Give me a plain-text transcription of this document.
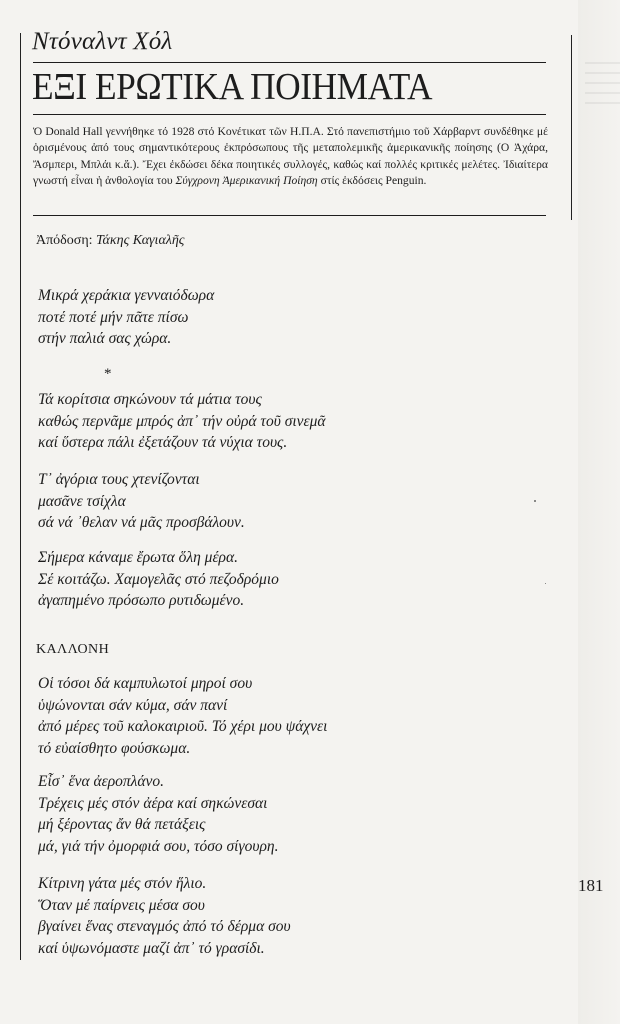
Ντόναλντ Χόλ
ΕΞΙ ΕΡΩΤΙΚΑ ΠΟΙΗΜΑΤΑ
Ὁ Donald Hall γεννήθηκε τό 1928 στό Κονέτικατ τῶν Η.Π.Α. Στό πανεπιστήμιο τοῦ Χάρβαρντ συνδέθηκε μέ ὁρισμένους ἀπό τους σημαντικότερους ἐκπρόσωπους τῆς μεταπολεμικῆς ἀμερικανικῆς ποίησης (Ο Ἀχάρα, Ἄσμπερι, Μπλάι κ.ἄ.). Ἔχει ἐκδώσει δέκα ποιητικές συλλογές, καθώς καί πολλές κριτικές μελέτες. Ἰδιαίτερα γνωστή εἶναι ἡ ἀνθολογία του Σύγχρονη Ἀμερικανική Ποίηση στίς ἐκδόσεις Penguin.
Ἀπόδοση: Τάκης Καγιαλῆς
Μικρά χεράκια γενναιόδωρα
ποτέ ποτέ μήν πᾶτε πίσω
στήν παλιά σας χώρα.
*
Τά κορίτσια σηκώνουν τά μάτια τους
καθώς περνᾶμε μπρός ἀπ᾽ τήν οὐρά τοῦ σινεμᾶ
καί ὕστερα πάλι ἐξετάζουν τά νύχια τους.
Τ᾽ ἀγόρια τους χτενίζονται
μασᾶνε τσίχλα
σά νά ᾽θελαν νά μᾶς προσβάλουν.
Σήμερα κάναμε ἔρωτα ὅλη μέρα.
Σέ κοιτάζω. Χαμογελᾶς στό πεζοδρόμιο
ἀγαπημένο πρόσωπο ρυτιδωμένο.
ΚΑΛΛΟΝΗ
Οἱ τόσοι δά καμπυλωτοί μηροί σου
ὑψώνονται σάν κύμα, σάν πανί
ἀπό μέρες τοῦ καλοκαιριοῦ. Τό χέρι μου ψάχνει
τό εὐαίσθητο φούσκωμα.
Εἶσ᾽ ἕνα ἀεροπλάνο.
Τρέχεις μές στόν ἀέρα καί σηκώνεσαι
μή ξέροντας ἄν θά πετάξεις
μά, γιά τήν ὀμορφιά σου, τόσο σίγουρη.
Κίτρινη γάτα μές στόν ἥλιο.
Ὅταν μέ παίρνεις μέσα σου
βγαίνει ἕνας στεναγμός ἀπό τό δέρμα σου
καί ὑψωνόμαστε μαζί ἀπ᾽ τό γρασίδι.
181
